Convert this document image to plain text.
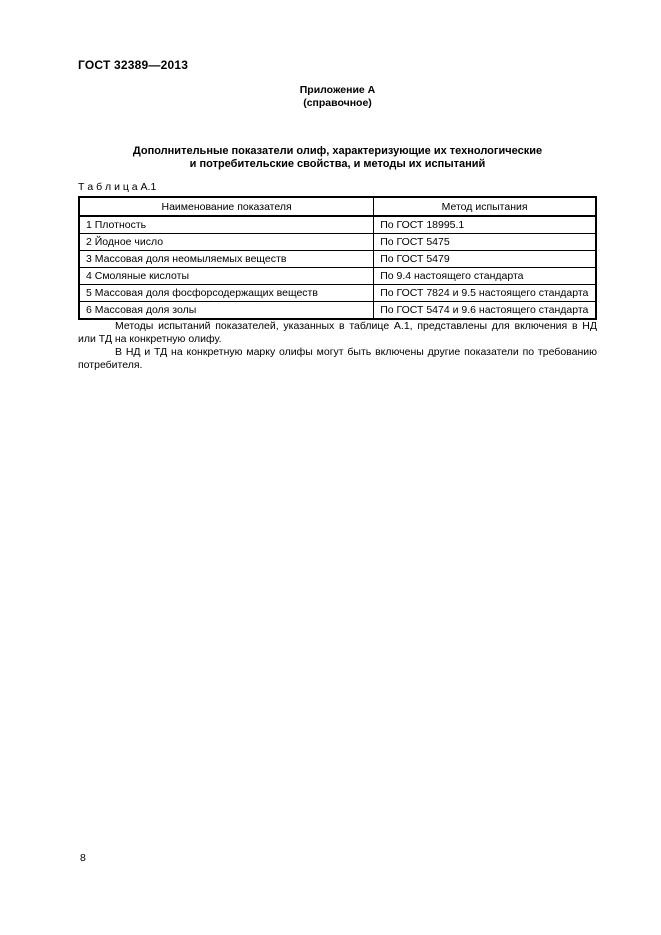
ГОСТ 32389—2013
Приложение А
(справочное)
Дополнительные показатели олиф, характеризующие их технологические
и потребительские свойства, и методы их испытаний
Т а б л и ц а А.1
Наименование показателя	Метод испытания
1 Плотность	По ГОСТ 18995.1
2 Йодное число	По ГОСТ 5475
3 Массовая доля неомыляемых веществ	По ГОСТ 5479
4 Смоляные кислоты	По 9.4 настоящего стандарта
5 Массовая доля фосфорсодержащих веществ	По ГОСТ 7824 и 9.5 настоящего стандарта
6 Массовая доля золы	По ГОСТ 5474 и 9.6 настоящего стандарта

Методы испытаний показателей, указанных в таблице А.1, представлены для включения в НД или ТД на конкретную олифу.

В НД и ТД на конкретную марку олифы могут быть включены другие показатели по требованию потребителя.

8
